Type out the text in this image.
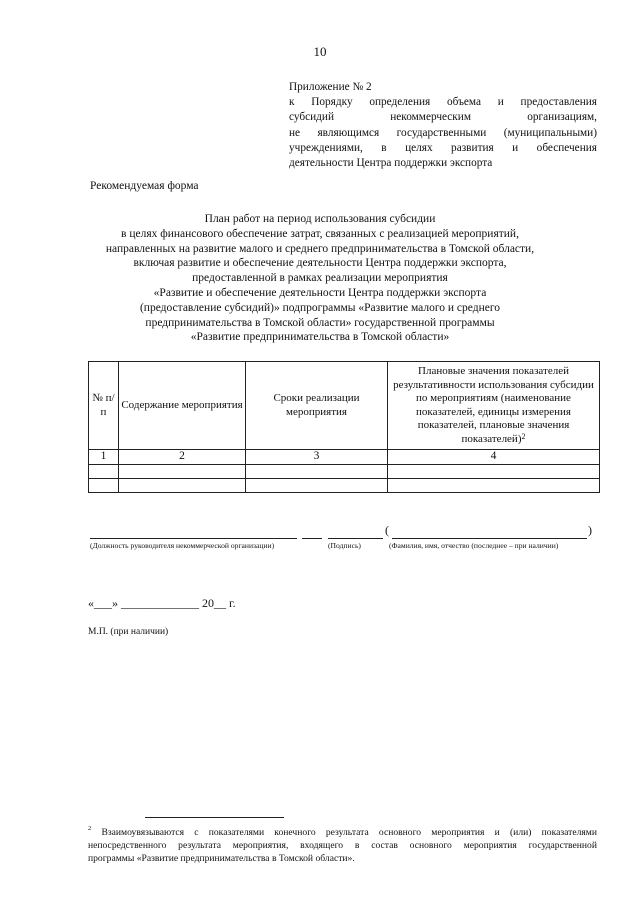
10
Приложение № 2
к Порядку определения объема и предоставления
субсидий некоммерческим организациям,
не являющимся государственными (муниципальными)
учреждениями, в целях развития и обеспечения
деятельности Центра поддержки экспорта
Рекомендуемая форма
План работ на период использования субсидии
в целях финансового обеспечение затрат, связанных с реализацией мероприятий,
направленных на развитие малого и среднего предпринимательства в Томской области,
включая развитие и обеспечение деятельности Центра поддержки экспорта,
предоставленной в рамках реализации мероприятия
«Развитие и обеспечение деятельности Центра поддержки экспорта
(предоставление субсидий)» подпрограммы «Развитие малого и среднего
предпринимательства в Томской области» государственной программы
«Развитие предпринимательства в Томской области»
№ п/п	Содержание мероприятия	Сроки реализации мероприятия	Плановые значения показателей результативности использования субсидии по мероприятиям (наименование показателей, единицы измерения показателей, плановые значения показателей)$^2$
1	2	3	4

(	)
(Должность руководителя некоммерческой организации)	(Подпись)	(Фамилия, имя, отчество (последнее – при наличии)
«___» _____________ 20__ г.
М.П. (при наличии)
$^2$ Взаимоувязываются с показателями конечного результата основного мероприятия и (или) показателями
непосредственного результата мероприятия, входящего в состав основного мероприятия государственной
программы «Развитие предпринимательства в Томской области».
